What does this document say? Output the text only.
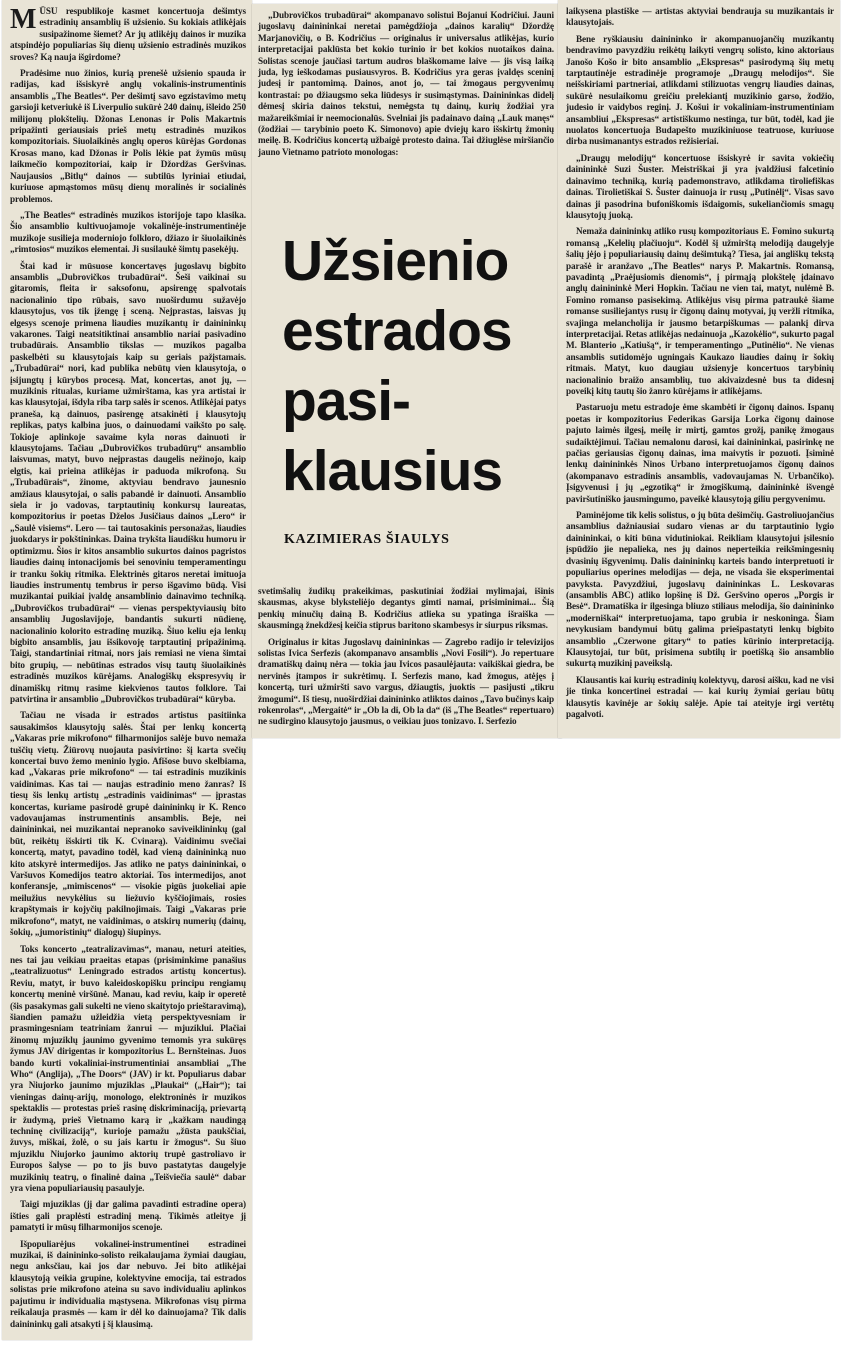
MŪSU respublikoje kasmet koncertuoja dešimtys estradinių ansamblių iš užsienio. Su kokiais atlikėjais susipažinome šiemet? Ar jų atlikėjų dainos ir muzika atspindėjo populiarias šių dienų užsienio estradinės muzikos sroves? Ką nauja išgirdome?

Pradėsime nuo žinios, kurią prenešė užsienio spauda ir radijas, kad išsiskyrė anglų vokalinis-instrumentinis ansamblis „The Beatles“. Per dešimtį savo egzistavimo metų garsioji ketveriukė iš Liverpulio sukūrė 240 dainų, išleido 250 milijonų plokštelių. Džonas Lenonas ir Polis Makartnis pripažinti geriausiais prieš metų estradinės muzikos kompozitoriais. Siuolaikinės anglų operos kūrėjas Gordonas Krosas mano, kad Džonas ir Polis lėkie pat žymūs mūsų laikmečio kompozitoriai, kaip ir Džordžas Geršvinas. Naujausios „Bitlų“ dainos — subtilūs lyriniai etiudai, kuriuose apmąstomos mūsų dienų moralinės ir socialinės problemos.

„The Beatles“ estradinės muzikos istorijoje tapo klasika. Šio ansamblio kultivuojamoje vokalinėje-instrumentinėje muzikoje susilieja moderniojo folkloro, džiazo ir šiuolaikinės „rimtosios“ muzikos elementai. Ji susilaukė šimtų pasekėjų.

Štai kad ir mūsuose koncertavęs jugoslavų bigbito ansamblis „Dubrovičkos trubadūrai“. Šeši vaikinai su gitaromis, fleita ir saksofonu, apsirengę spalvotais nacionalinio tipo rūbais, savo nuoširdumu sužavėjo klausytojus, vos tik įžengę į sceną. Nejprastas, laisvas jų elgesys scenoje primena liaudies muzikantų ir dainininkų vakarones. Taigi neatsitiktinai ansamblio nariai pasivadino trubadūrais. Ansamblio tikslas — muzikos pagalba paskelbėti su klausytojais kaip su geriais pažįstamais. „Trubadūrai“ nori, kad publika nebūtų vien klausytoja, o įsijungtų į kūrybos procesą. Mat, koncertas, anot jų, — muzikinis ritualas, kuriame užmirštama, kas yra artistai ir kas klausytojai, išdyla riba tarp salės ir scenos. Atlikėjai patys praneša, ką dainuos, pasirengę atsakinėti į klausytojų replikas, patys kalbina juos, o dainuodami vaikšto po salę. Tokioje aplinkoje savaime kyla noras dainuoti ir klausytojams. Tačiau „Dubrovičkos trubadūrų“ ansamblio laisvumas, matyt, buvo neįprastas daugelis nežinojo, kaip elgtis, kai prieina atlikėjas ir paduoda mikrofoną. Su „Trubadūrais“, žinome, aktyviau bendravo jaunesnio amžiaus klausytojai, o salis pabandė ir dainuoti. Ansamblio siela ir jo vadovas, tarptautinių konkursų laureatas, kompozitorius ir poetas Dželos Jusičiaus dainos „Lero“ ir „Saulė visiems“. Lero — tai tautosakinis personažas, liaudies juokdarys ir pokštininkas. Daina trykšta liaudišku humoru ir optimizmu. Šios ir kitos ansamblio sukurtos dainos pagristos liaudies dainų intonacijomis bei senoviniu temperamentingu ir tranku šokių ritmika. Elektrinės gitaros neretai imituoja liaudies instrumentų tembrus ir perso išgavimo būdą. Visi muzikantai puikiai įvaldę ansamblinio dainavimo techniką. „Dubrovičkos trubadūrai“ — vienas perspektyviausių bito ansamblių Jugoslavijoje, bandantis sukurti nūdienę, nacionalinio kolorito estradinę muziką. Šiuo keliu eja lenkų bigbito ansamblis, jau išsikovoję tarptautinį pripažinimą. Taigi, standartiniai ritmai, nors jais remiasi ne viena šimtai bito grupių, — nebūtinas estrados visų tautų šiuolaikinės estradinės muzikos kūrėjams. Analogiškų ekspresyvių ir dinamiškų ritmų rasime kiekvienos tautos folklore. Tai patvirtina ir ansamblio „Dubrovičkos trubadūrai“ kūryba.

Tačiau ne visada ir estrados artistus pasitiinka sausakimšos klausytojų salės. Štai per lenkų koncertą „Vakaras prie mikrofono“ filharmonijos salėje buvo nemaža tuščių vietų. Žiūrovų nuojauta pasivirtino: šį karta svečių koncertai buvo žemo meninio lygio. Afišose buvo skelbiama, kad „Vakaras prie mikrofono“ — tai estradinis muzikinis vaidinimas. Kas tai — naujas estradinio meno žanras? Iš tiesų šis lenkų artistų „estradinis vaidinimas“ — įprastas koncertas, kuriame pasirodė grupė dainininkų ir K. Renco vadovaujamas instrumentinis ansamblis. Beje, nei dainininkai, nei muzikantai nepranoko saviveiklininkų (gal būt, reikėtų išskirti tik K. Cvinarą). Vaidinimu svečiai koncertą, matyt, pavadino todėl, kad vieną dainininką nuo kito atskyrė intermedijos. Jas atliko ne patys dainininkai, o Varšuvos Komedijos teatro aktoriai. Tos intermedijos, anot konferansje, „mimiscenos“ — visokie pigūs juokeliai apie meilužius nevykėlius su liežuvio kyščiojimais, rosies krapštymais ir kojyčių pakilnojimais. Taigi „Vakaras prie mikrofono“, matyt, ne vaidinimas, o atskirų numerių (dainų, šokių, „jumoristinių“ dialogų) šiupinys.

Toks koncerto „teatralizavimas“, manau, neturi ateities, nes tai jau veikiau praeitas etapas (prisiminkime panašius „teatralizuotus“ Leningrado estrados artistų koncertus). Reviu, matyt, ir buvo kaleidoskopišku principu rengiamų koncertų meninė viršūnė. Manau, kad reviu, kaip ir operetė (šis pasakymas gali sukelti ne vieno skaitytojo prieštaravimą), šiandien pamažu užleidžia vietą perspektyvesniam ir prasmingesniam teatriniam žanrui — mjuziklui. Plačiai žinomų mjuziklų jaunimo gyvenimo temomis yra sukūręs žymus JAV dirigentas ir kompozitorius L. Bernšteinas. Juos bando kurti vokaliniai-instrumentiniai ansambliai „The Who“ (Anglija), „The Doors“ (JAV) ir kt. Populiarus dabar yra Niujorko jaunimo mjuziklas „Plaukai“ („Hair“); tai vieningas dainų-arijų, monologo, elektroninės ir muzikos spektaklis — protestas prieš rasinę diskriminaciją, prievartą ir žudymą, prieš Vietnamo karą ir „kažkam naudingą techninę civilizaciją“, kurioje pamažu „žūsta paukščiai, žuvys, miškai, žolė, o su jais kartu ir žmogus“. Su šiuo mjuziklu Niujorko jaunimo aktorių trupė gastroliavo ir Europos šalyse — po to jis buvo pastatytas daugelyje muzikinių teatrų, o finalinė daina „Teišviečia saulė“ dabar yra viena populiariausių pasaulyje.

Taigi mjuziklas (jį dar galima pavadinti estradine opera) išties gali praplėsti estradinį meną. Tikimės atleitye jį pamatyti ir mūsų filharmonijos scenoje.

Išpopuliarėjus vokalinei-instrumentinei estradinei muzikai, iš dainininko-solisto reikalaujama žymiai daugiau, negu anksčiau, kai jos dar nebuvo. Jei bito atlikėjai klausytoją veikia grupine, kolektyvine emocija, tai estrados solistas prie mikrofono ateina su savo individualiu aplinkos pajutimu ir individualia mąstysena. Mikrofonas visų pirma reikalauja prasmės — kam ir dėl ko dainuojama? Tik dalis dainininkų gali atsakyti į šį klausimą.

„Dubrovičkos trubadūrai“ akompanavo solistui Bojanui Kodričiui. Jauni jugoslavų dainininkai neretai pamėgdžioja „dainos karalių“ Džordžę Marjanovičių, o B. Kodričius — originalus ir universalus atlikėjas, kurio interpretacijai paklūsta bet kokio turinio ir bet kokios nuotaikos daina. Solistas scenoje jaučiasi tartum audros blaškomame laive — jis visą laiką juda, lyg ieškodamas pusiausvyros. B. Kodričius yra geras įvaldęs sceninį judesį ir pantomimą. Dainos, anot jo, — tai žmogaus pergyvenimų kontrastai: po džiaugsmo seka liūdesys ir susimąstymas. Dainininkas didelį dėmesį skiria dainos tekstui, nemėgsta tų dainų, kurių žodžiai yra mažareikšmiai ir neemocionalūs. Svelniai jis padainavo dainą „Lauk manęs“ (žodžiai — tarybinio poeto K. Simonovo) apie dviejų karo išskirtų žmonių meilę. B. Kodričius koncertą užbaigė protesto daina. Tai džiuglėse miršiančio jauno Vietnamo patrioto monologas:

Užsienio
estrados
pasi-
klausius
KAZIMIERAS ŠIAULYS

svetimšalių žudikų prakeikimas, paskutiniai žodžiai mylimajai, išinis skausmas, akyse blyksteliėjo degantys gimti namai, prisiminimai... Šią penkių minučių dainą B. Kodričius atlieka su ypatinga išraiška — skausmingą žnekdžesį keičia stiprus baritono skambesys ir siurpus riksmas.

Originalus ir kitas Jugoslavų dainininkas — Zagrebo radijo ir televizijos solistas Ivica Serfezis (akompanavo ansamblis „Novi Fosili“). Jo repertuare dramatiškų dainų nėra — tokia jau Ivicos pasaulėjauta: vaikiškai giedra, be nervinės įtampos ir sukrėtimų. I. Serfezis mano, kad žmogus, atėjęs į koncertą, turi užmiršti savo vargus, džiaugtis, juoktis — pasijusti „tikru žmogumi“. Iš tiesų, nuoširdžiai dainininko atliktos dainos „Tavo bučinys kaip rokenrolas“, „Mergaitė“ ir „Ob la di, Ob la da“ (iš „The Beatles“ repertuaro) ne sudirgino klausytojo jausmus, o veikiau juos tonizavo. I. Serfezio

laikysena plastiške — artistas aktyviai bendrauja su muzikantais ir klausytojais.

Bene ryškiausiu dainininko ir akompanuojančių muzikantų bendravimo pavyzdžiu reikėtų laikyti vengrų solisto, kino aktoriaus Janošo Košo ir bito ansamblio „Ekspresas“ pasirodymą šių metų tarptautinėje estradinėje programoje „Draugų melodijos“. Sie neišskiriami partneriai, atlikdami stilizuotas vengrų liaudies dainas, sukūrė nesulaikomu greičiu prelekiantį muzikinio garso, žodžio, judesio ir vaidybos reginį. J. Košui ir vokaliniam-instrumentiniam ansambliui „Ekspresas“ artistiškumo nestinga, tur būt, todėl, kad jie nuolatos koncertuoja Budapešto muzikiniuose teatruose, kuriuose dirba nusimanantys estrados režisieriai.

„Draugų melodijų“ koncertuose išsiskyrė ir savita vokiečių dainininkė Suzi Šuster. Meistriškai ji yra įvaldžiusi falcetinio dainavimo techniką, kurią pademonstravo, atlikdama tiroliefiškas dainas. Tirolietiškai S. Šuster dainuoja ir rusų „Putinėlį“. Visas savo dainas ji pasodrina bufoniškomis išdaigomis, sukeliančiomis smagų klausytojų juoką.

Nemaža dainininkų atliko rusų kompozitoriaus E. Fomino sukurtą romansą „Kelelių plačiuoju“. Kodėl šį užmirštą melodiją daugelyje šalių jėjo į populiariausių dainų dešimtuką? Tiesa, jai angliškų tekstą parašė ir aranžavo „The Beatles“ narys P. Makartnis. Romansą, pavadintą „Praėjusiomis dienomis“, į pirmąją plokštelę įdainavo anglų dainininkė Meri Hopkin. Tačiau ne vien tai, matyt, nulėmė B. Fomino romanso pasisekimą. Atlikėjus visų pirma patraukė šiame romanse susiliejantys rusų ir čigonų dainų motyvai, jų veržli ritmika, svajinga melancholija ir jausmo betarpiškumas — palankį dirva interpretacijai. Retas atlikėjas nedainuoja „Kazokėlio“, sukurto pagal M. Blanterio „Katiušą“, ir temperamentingo „Putinėlio“. Ne vienas ansamblis sutidomėjo ugningais Kaukazo liaudies dainų ir šokių ritmais. Matyt, kuo daugiau užsienyje koncertuos tarybinių nacionalinio braižo ansamblių, tuo akivaizdesnė bus ta didesnį poveikį kitų tautų šio žanro kūrėjams ir atlikėjams.

Pastaruoju metu estradoje ėme skambėti ir čigonų dainos. Ispanų poetas ir kompozitorius Federikas Garsija Lorka čigonų dainose pajuto laimės ilgesį, meilę ir mirtį, gamtos grožį, panikę žmogaus sudaiktėjimui. Tačiau nemalonu darosi, kai dainininkai, pasirinkę ne pačias geriausias čigonų dainas, ima maivytis ir pozuoti. Įsiminė lenkų dainininkės Ninos Urbano interpretuojamos čigonų dainos (akompanavo estradinis ansamblis, vadovaujamas N. Urbančiko). Įsigyvenusi į jų „egzotiką“ ir žmogiškumą, dainininkė išvengė paviršutiniško jausmingumo, paveikė klausytoją giliu pergyvenimu.

Paminėjome tik kelis solistus, o jų būta dešimčių. Gastroliuojančius ansamblius dažniausiai sudaro vienas ar du tarptautinio lygio dainininkai, o kiti būna vidutiniokai. Reikliam klausytojui įsilesnio įspūdžio jie nepalieka, nes jų dainos neperteikia reikšmingesnių dvasinių išgyvenimų. Dalis dainininkų karteis bando interpretuoti ir populiarius operines melodijas — deja, ne visada šie eksperimentai pavyksta. Pavyzdžiui, jugoslavų dainininkas L. Leskovaras (ansamblis ABC) atliko lopšinę iš Dž. Geršvino operos „Porgis ir Besė“. Dramatiška ir ilgesinga bliuzo stiliaus melodija, šio dainininko „moderniškai“ interpretuojama, tapo grubia ir neskoninga. Šiam nevykusiam bandymui būtų galima priešpastatyti lenkų bigbito ansamblio „Czerwone gitary“ to paties kūrinio interpretaciją. Klausytojai, tur būt, prisimena subtilų ir poetišką šio ansamblio sukurtą muzikinį paveikslą.

Klausantis kai kurių estradinių kolektyvų, darosi aišku, kad ne visi jie tinka koncertinei estradai — kai kurių žymiai geriau būtų klausytis kavinėje ar šokių salėje. Apie tai ateityje irgi vertėtų pagalvoti.
